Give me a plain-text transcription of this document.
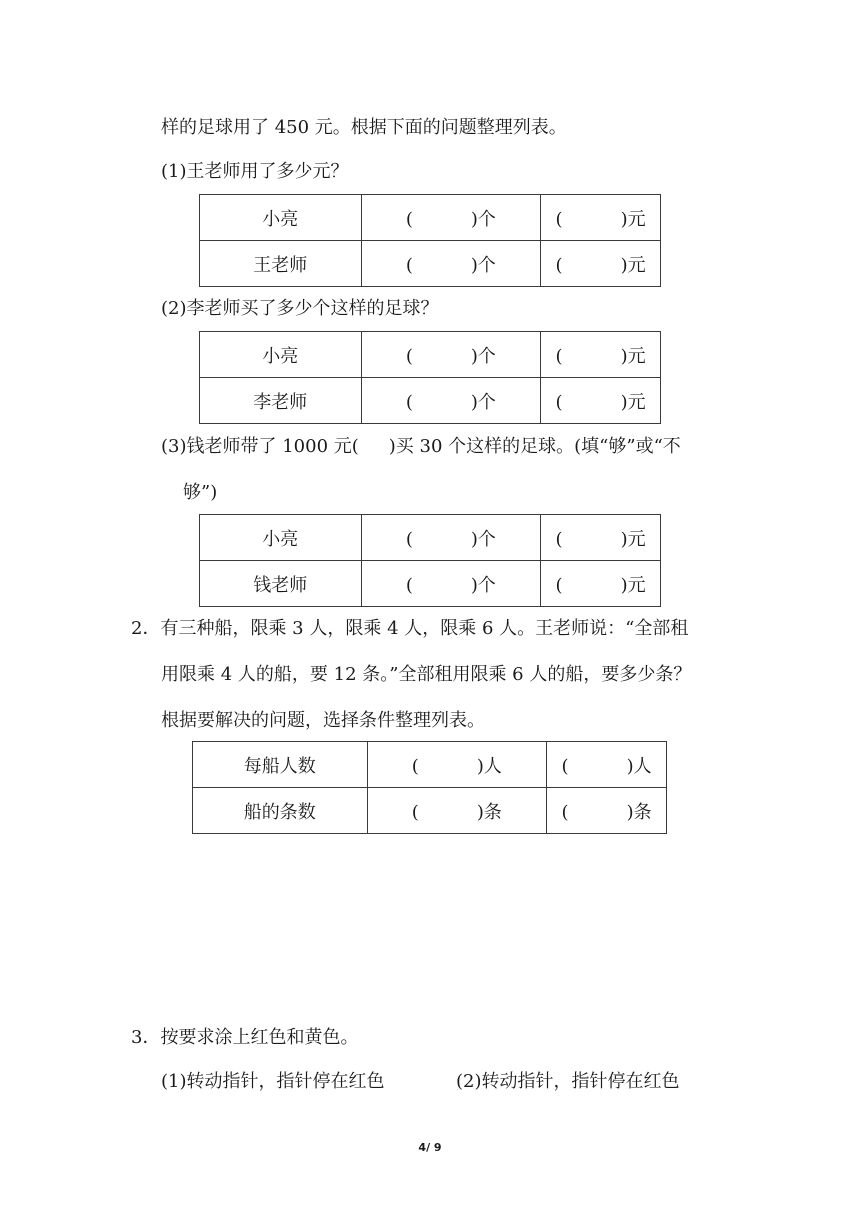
样的足球用了 450 元。根据下面的问题整理列表。
(1)王老师用了多少元？
小亮	( )个	( )元
王老师	( )个	( )元
(2)李老师买了多少个这样的足球？
小亮	( )个	( )元
李老师	( )个	( )元
(3)钱老师带了 1000 元( )买 30 个这样的足球。(填“够”或“不
够”)
小亮	( )个	( )元
钱老师	( )个	( )元
2．有三种船，限乘 3 人，限乘 4 人，限乘 6 人。王老师说：“全部租
用限乘 4 人的船，要 12 条。”全部租用限乘 6 人的船，要多少条？
根据要解决的问题，选择条件整理列表。
每船人数	( )人	( )人
船的条数	( )条	( )条
3．按要求涂上红色和黄色。
(1)转动指针，指针停在红色	(2)转动指针，指针停在红色
4/ 9
